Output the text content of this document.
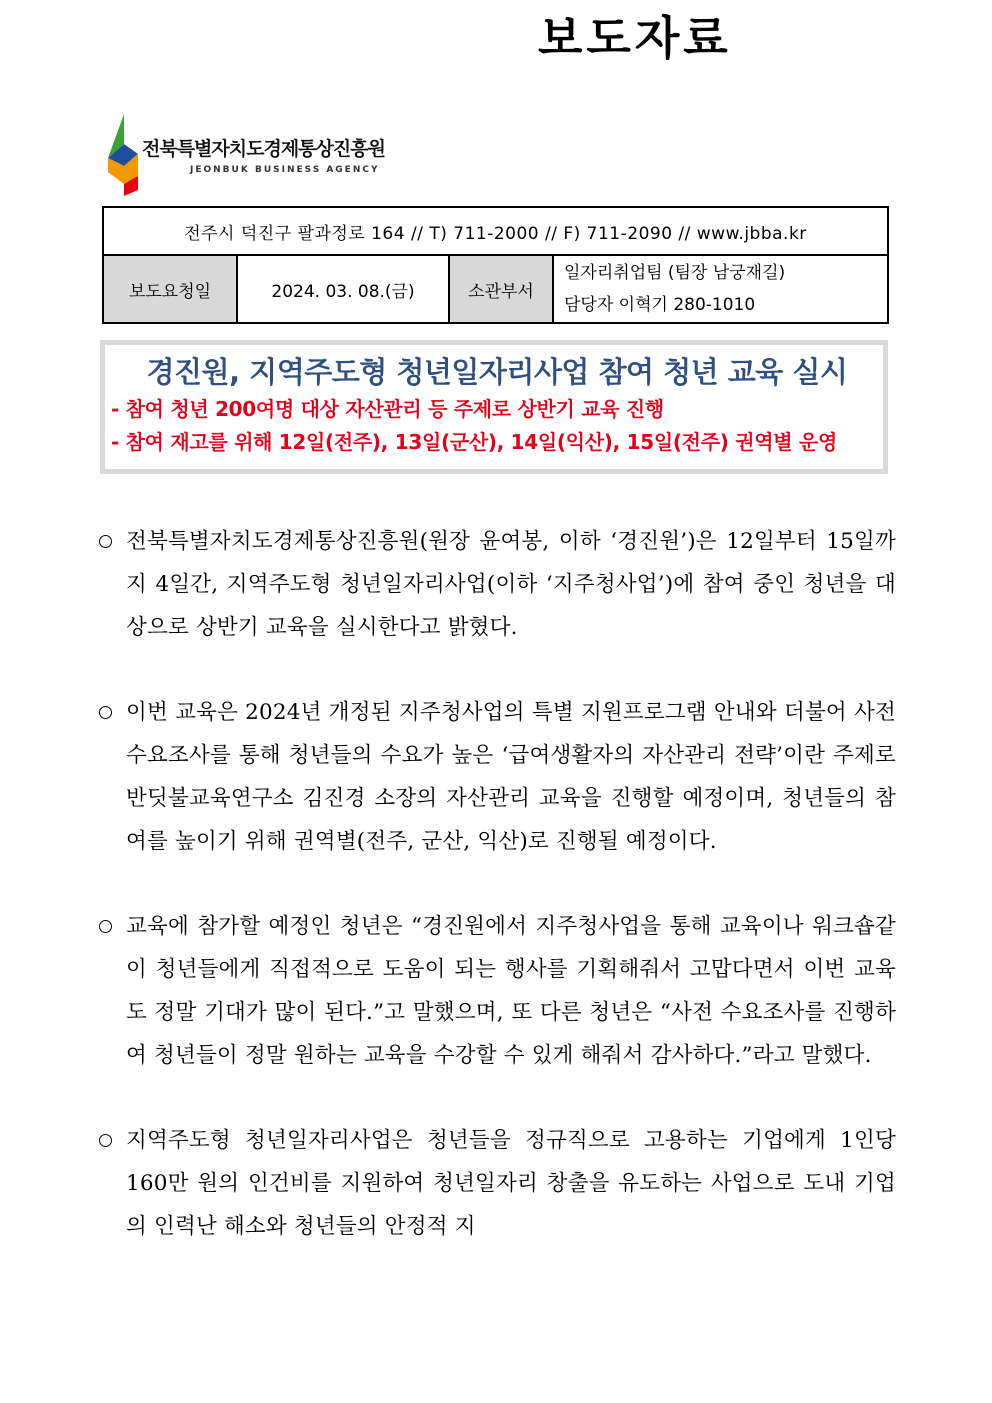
보도자료
전북특별자치도경제통상진흥원
JEONBUK BUSINESS AGENCY
전주시 덕진구 팔과정로 164 // T) 711-2000 // F) 711-2090 // www.jbba.kr
보도요청일	2024. 03. 08.(금)	소관부서	
일자리취업팀 (팀장 남궁재길)
담당자 이혁기 280-1010
경진원, 지역주도형 청년일자리사업 참여 청년 교육 실시
- 참여 청년 200여명 대상 자산관리 등 주제로 상반기 교육 진행
- 참여 재고를 위해 12일(전주), 13일(군산), 14일(익산), 15일(전주) 권역별 운영
전북특별자치도경제통상진흥원(원장 윤여봉, 이하 ‘경진원’)은 12일부터 15일까지 4일간, 지역주도형 청년일자리사업(이하 ‘지주청사업’)에 참여 중인 청년을 대상으로 상반기 교육을 실시한다고 밝혔다.
이번 교육은 2024년 개정된 지주청사업의 특별 지원프로그램 안내와 더불어 사전 수요조사를 통해 청년들의 수요가 높은 ‘급여생활자의 자산관리 전략’이란 주제로 반딧불교육연구소 김진경 소장의 자산관리 교육을 진행할 예정이며, 청년들의 참여를 높이기 위해 권역별(전주, 군산, 익산)로 진행될 예정이다.
교육에 참가할 예정인 청년은 “경진원에서 지주청사업을 통해 교육이나 워크숍같이 청년들에게 직접적으로 도움이 되는 행사를 기획해줘서 고맙다면서 이번 교육도 정말 기대가 많이 된다.”고 말했으며, 또 다른 청년은 “사전 수요조사를 진행하여 청년들이 정말 원하는 교육을 수강할 수 있게 해줘서 감사하다.”라고 말했다.
지역주도형 청년일자리사업은 청년들을 정규직으로 고용하는 기업에게 1인당 160만 원의 인건비를 지원하여 청년일자리 창출을 유도하는 사업으로 도내 기업의 인력난 해소와 청년들의 안정적 지
